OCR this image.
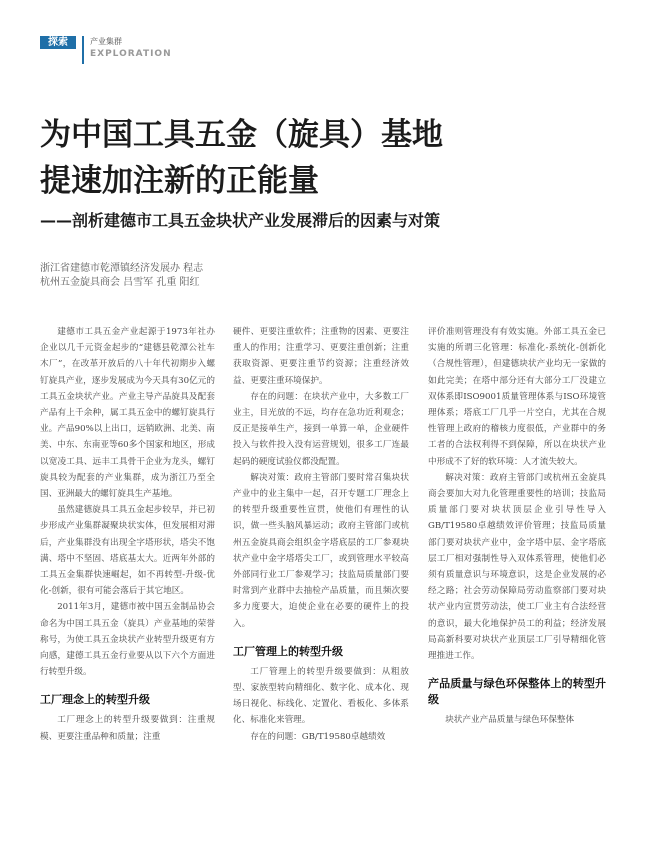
探索	产业集群
EXPLORATION
为中国工具五金（旋具）基地
提速加注新的正能量
——剖析建德市工具五金块状产业发展滞后的因素与对策
浙江省建德市乾潭镇经济发展办 程志
杭州五金旋具商会 吕雪军 孔重 阳红

建德市工具五金产业起源于1973年社办企业以几千元资金起步的“建德县乾潭公社车木厂”，在改革开放后的八十年代初期步入螺钉旋具产业，逐步发展成为今天具有30亿元的工具五金块状产业。产业主导产品旋具及配套产品有上千余种，属工具五金中的螺钉旋具行业。产品90%以上出口，远销欧洲、北美、南美、中东、东南亚等60多个国家和地区，形成以宽凌工具、远丰工具骨干企业为龙头，螺钉旋具较为配套的产业集群，成为浙江乃至全国、亚洲最大的螺钉旋具生产基地。

虽然建德旋具工具五金起步较早，并已初步形成产业集群凝聚块状实体，但发展相对滞后，产业集群没有出现全字塔形状，塔尖不饱满、塔中不坚固、塔底基太大。近两年外部的工具五金集群快速崛起，如不再转型-升级-优化-创新，很有可能会落后于其它地区。

2011年3月，建德市被中国五金制品协会命名为中国工具五金（旋具）产业基地的荣誉称号，为使工具五金块状产业转型升级更有方向感，建德工具五金行业要从以下六个方面进行转型升级。

工厂理念上的转型升级

工厂理念上的转型升级要做到：注重规模、更要注重品种和质量；注重

硬件、更要注重软件；注重物的因素、更要注重人的作用；注重学习、更要注重创新；注重获取资源、更要注重节约资源；注重经济效益、更要注重环境保护。

存在的问题：在块状产业中，大多数工厂业主，目光放的不远，均存在急功近利观念；反正是接单生产，接到一单算一单，企业硬件投入与软件投入没有运营规划，很多工厂连最起码的硬度试验仪都没配置。

解决对策：政府主管部门要时常召集块状产业中的业主集中一起，召开专题工厂理念上的转型升级重要性宣贯，使他们有理性的认识，做一些头脑风暴运动；政府主管部门或杭州五金旋具商会组织金字塔底层的工厂参观块状产业中金字塔塔尖工厂，或到管理水平较高外部同行业工厂参观学习；技监局质量部门要时常到产业群中去抽检产品质量，而且频次要多力度要大，迫使企业在必要的硬件上的投入。

工厂管理上的转型升级

工厂管理上的转型升级要做到：从粗放型、家族型转向精细化、数字化、成本化、现场日视化、标线化、定置化、看板化、多体系化、标准化来管理。

存在的问题：GB/T19580卓越绩效

评价准则管理没有有效实施。外部工具五金已实施的所谓三化管理：标准化-系统化-创新化（合规性管理），但建德块状产业均无一家做的如此完美；在塔中部分还有大部分工厂没建立双体系即ISO9001质量管理体系与ISO环境管理体系；塔底工厂几乎一片空白，尤其在合规性管理上政府的稽核力度很低，产业群中的务工者的合法权利得不到保障，所以在块状产业中形成不了好的软环境：人才流失较大。

解决对策：政府主管部门或杭州五金旋具商会要加大对九化管理重要性的培训；技监局质量部门要对块状顶层企业引导性导入GB/T19580卓越绩效评价管理；技监局质量部门要对块状产业中，金字塔中层、金字塔底层工厂相对强制性导入双体系管理，使他们必须有质量意识与环境意识，这是企业发展的必经之路；社会劳动保障局劳动监察部门要对块状产业内宣贯劳动法，使工厂业主有合法经营的意识，最大化地保护员工的利益；经济发展局高新科要对块状产业顶层工厂引导精细化管理推进工作。

产品质量与绿色环保整体上的转型升级

块状产业产品质量与绿色环保整体
